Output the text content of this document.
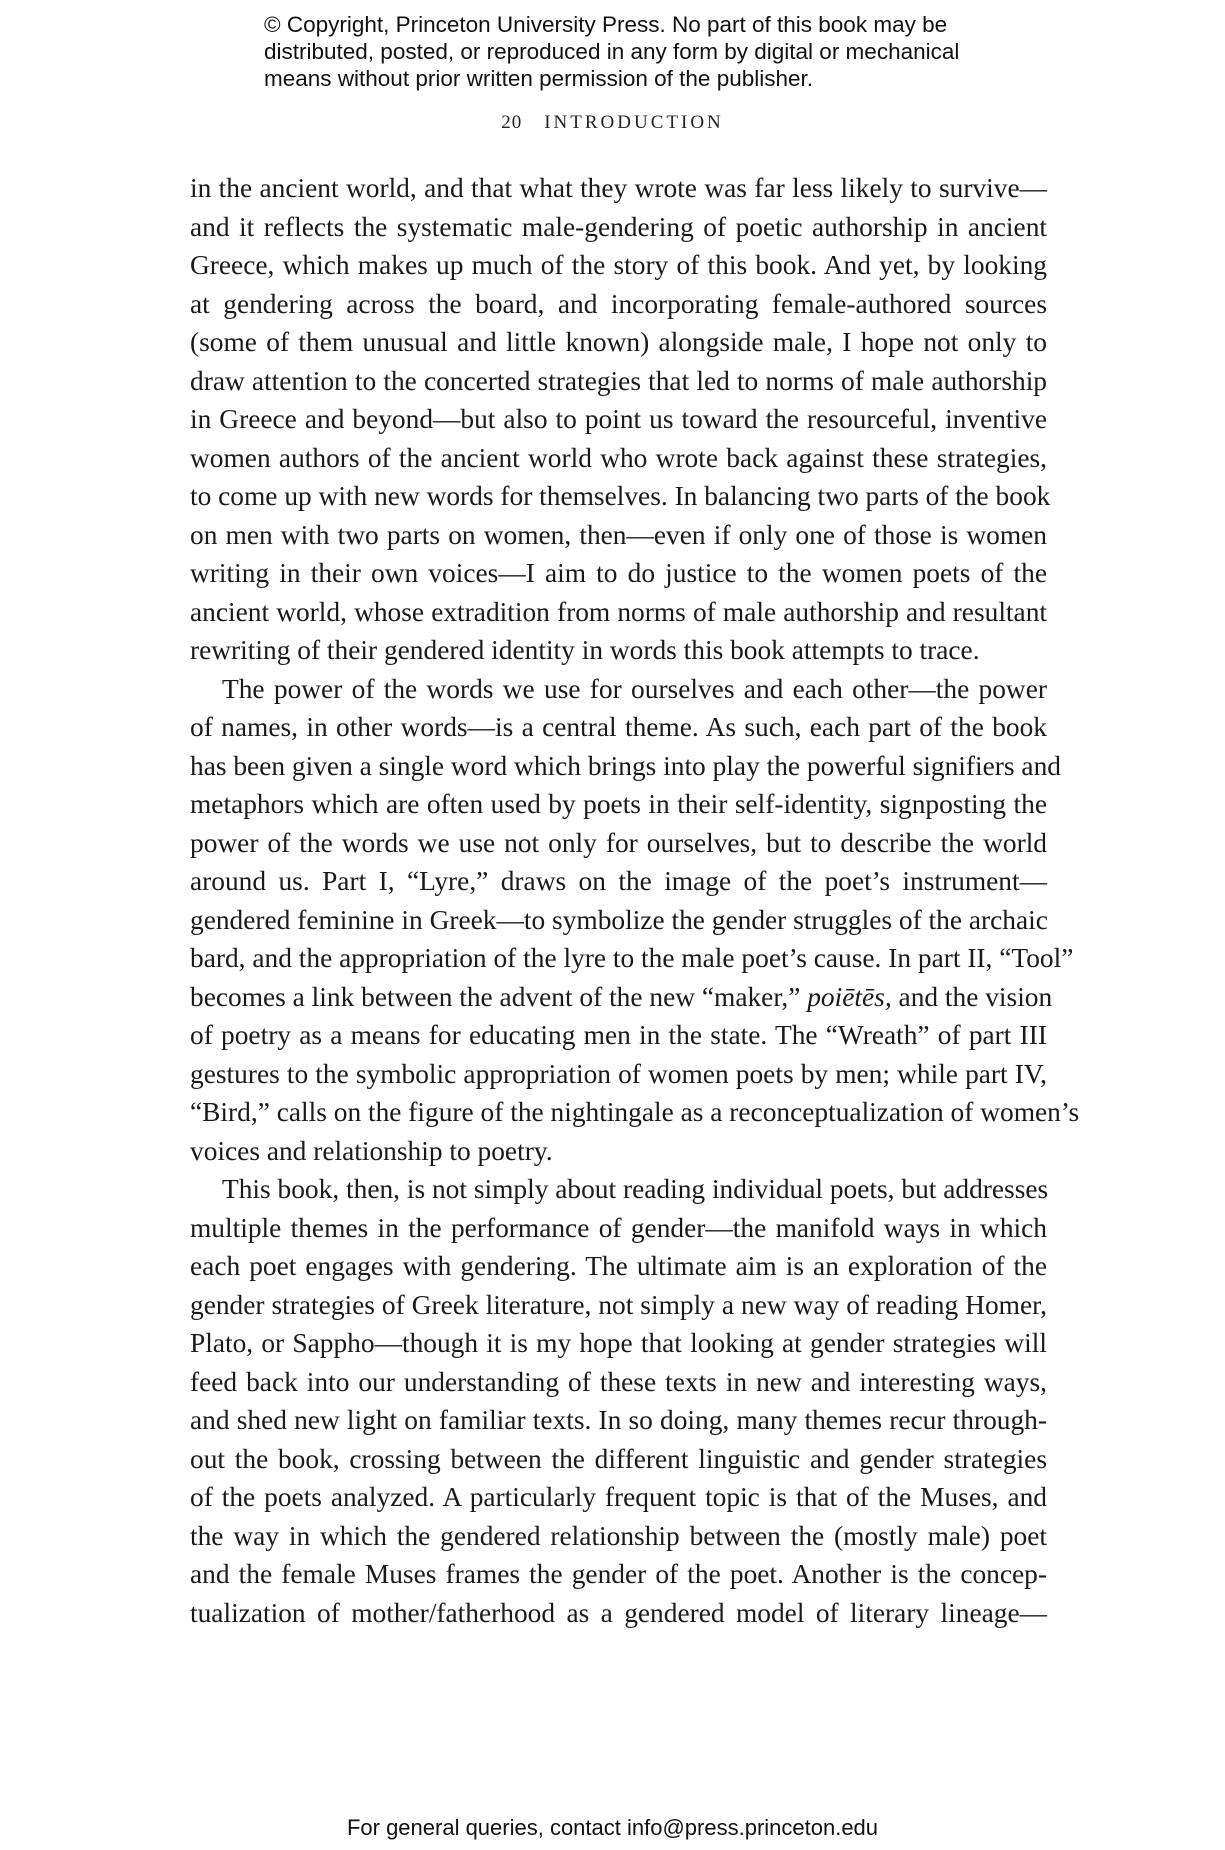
© Copyright, Princeton University Press. No part of this book may be
distributed, posted, or reproduced in any form by digital or mechanical
means without prior written permission of the publisher.
20 INTRODUCTION
in the ancient world, and that what they wrote was far less likely to survive—
and it reflects the systematic male-gendering of poetic authorship in ancient
Greece, which makes up much of the story of this book. And yet, by looking
at gendering across the board, and incorporating female-authored sources
(some of them unusual and little known) alongside male, I hope not only to
draw attention to the concerted strategies that led to norms of male authorship
in Greece and beyond—but also to point us toward the resourceful, inventive
women authors of the ancient world who wrote back against these strategies,
to come up with new words for themselves. In balancing two parts of the book
on men with two parts on women, then—even if only one of those is women
writing in their own voices—I aim to do justice to the women poets of the
ancient world, whose extradition from norms of male authorship and resultant
rewriting of their gendered identity in words this book attempts to trace.
The power of the words we use for ourselves and each other—the power
of names, in other words—is a central theme. As such, each part of the book
has been given a single word which brings into play the powerful signifiers and
metaphors which are often used by poets in their self-identity, signposting the
power of the words we use not only for ourselves, but to describe the world
around us. Part I, “Lyre,” draws on the image of the poet’s instrument—
gendered feminine in Greek—to symbolize the gender struggles of the archaic
bard, and the appropriation of the lyre to the male poet’s cause. In part II, “Tool”
becomes a link between the advent of the new “maker,” poiētēs, and the vision
of poetry as a means for educating men in the state. The “Wreath” of part III
gestures to the symbolic appropriation of women poets by men; while part IV,
“Bird,” calls on the figure of the nightingale as a reconceptualization of women’s
voices and relationship to poetry.
This book, then, is not simply about reading individual poets, but addresses
multiple themes in the performance of gender—the manifold ways in which
each poet engages with gendering. The ultimate aim is an exploration of the
gender strategies of Greek literature, not simply a new way of reading Homer,
Plato, or Sappho—though it is my hope that looking at gender strategies will
feed back into our understanding of these texts in new and interesting ways,
and shed new light on familiar texts. In so doing, many themes recur through-
out the book, crossing between the different linguistic and gender strategies
of the poets analyzed. A particularly frequent topic is that of the Muses, and
the way in which the gendered relationship between the (mostly male) poet
and the female Muses frames the gender of the poet. Another is the concep-
tualization of mother/fatherhood as a gendered model of literary lineage—
For general queries, contact info@press.princeton.edu
